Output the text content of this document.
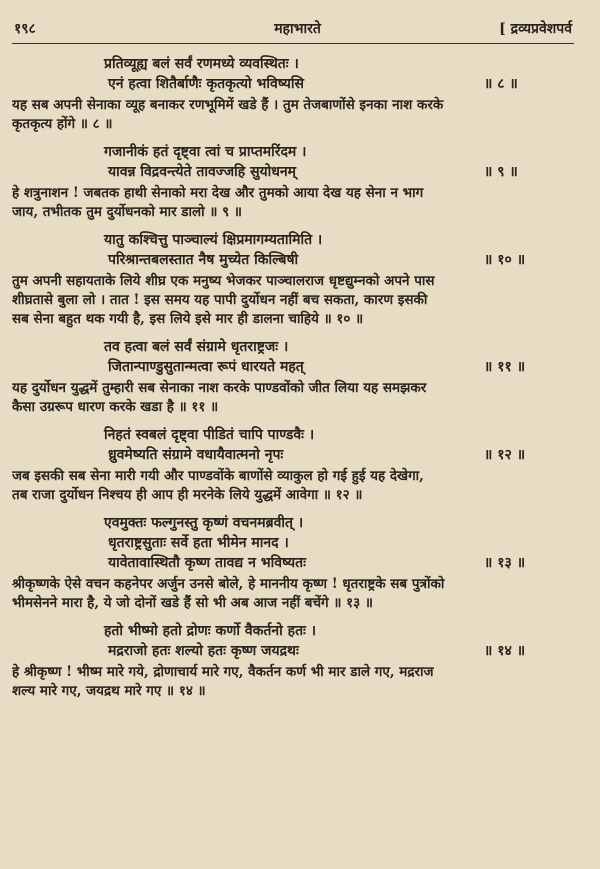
१९८	महाभारते	[ द्रव्यप्रवेशपर्व
प्रतिव्यूह्य बलं सर्वं रणमध्ये व्यवस्थितः ।
एनं हत्वा शितैर्बाणैः कृतकृत्यो भविष्यसि	॥ ८ ॥
यह सब अपनी सेनाका व्यूह बनाकर रणभूमिमें खडे हैं । तुम तेजबाणोंसे इनका नाश करके
कृतकृत्य होंगे ॥ ८ ॥
गजानीकं हतं दृष्ट्वा त्वां च प्राप्तमरिंदम ।
यावन्न विद्रवन्त्येते तावज्जहि सुयोधनम्	॥ ९ ॥
हे शत्रुनाशन ! जबतक हाथी सेनाको मरा देख और तुमको आया देख यह सेना न भाग
जाय, तभीतक तुम दुर्योधनको मार डालो ॥ ९ ॥
यातु कश्चित्तु पाञ्चाल्यं क्षिप्रमागम्यतामिति ।
परिश्रान्तबलस्तात नैष मुच्येत किल्बिषी	॥ १० ॥
तुम अपनी सहायताके लिये शीघ्र एक मनुष्य भेजकर पाञ्चालराज धृष्टद्युम्नको अपने पास
शीघ्रतासे बुला लो । तात ! इस समय यह पापी दुर्योधन नहीं बच सकता, कारण इसकी
सब सेना बहुत थक गयी है, इस लिये इसे मार ही डालना चाहिये ॥ १० ॥
तव हत्वा बलं सर्वं संग्रामे धृतराष्ट्रजः ।
जितान्पाण्डुसुतान्मत्वा रूपं धारयते महत्	॥ ११ ॥
यह दुर्योधन युद्धमें तुम्हारी सब सेनाका नाश करके पाण्डवोंको जीत लिया यह समझकर
कैसा उग्ररूप धारण करके खडा है ॥ ११ ॥
निहतं स्वबलं दृष्ट्वा पीडितं चापि पाण्डवैः ।
ध्रुवमेष्यति संग्रामे वधायैवात्मनो नृपः	॥ १२ ॥
जब इसकी सब सेना मारी गयी और पाण्डवोंके बाणोंसे व्याकुल हो गई हुई यह देखेगा,
तब राजा दुर्योधन निश्चय ही आप ही मरनेके लिये युद्धमें आवेगा ॥ १२ ॥
एवमुक्तः फल्गुनस्तु कृष्णं वचनमब्रवीत् ।
धृतराष्ट्रसुताः सर्वे हता भीमेन मानद ।
यावेतावास्थितौ कृष्ण तावद्य न भविष्यतः	॥ १३ ॥
श्रीकृष्णके ऐसे वचन कहनेपर अर्जुन उनसे बोले, हे माननीय कृष्ण ! धृतराष्ट्रके सब पुत्रोंको
भीमसेनने मारा है, ये जो दोनों खडे हैं सो भी अब आज नहीं बचेंगे ॥ १३ ॥
हतो भीष्मो हतो द्रोणः कर्णो वैकर्तनो हतः ।
मद्रराजो हतः शल्यो हतः कृष्ण जयद्रथः	॥ १४ ॥
हे श्रीकृष्ण ! भीष्म मारे गये, द्रोणाचार्य मारे गए, वैकर्तन कर्ण भी मार डाले गए, मद्रराज
शल्य मारे गए, जयद्रथ मारे गए ॥ १४ ॥
